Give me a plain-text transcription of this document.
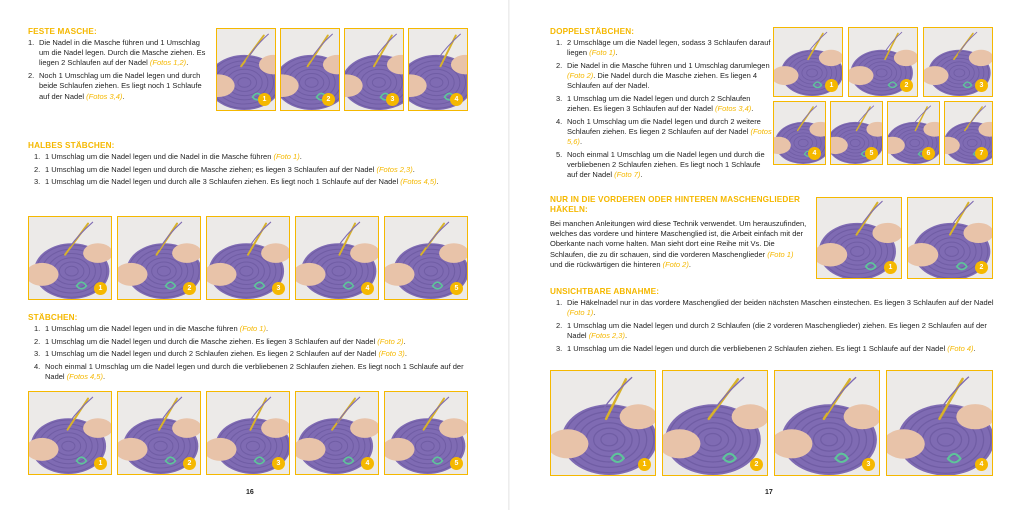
FESTE MASCHE:
1. Die Nadel in die Masche führen und 1 Umschlag um die Nadel legen. Durch die Masche ziehen. Es liegen 2 Schlaufen auf der Nadel (Fotos 1,2).
2. Noch 1 Umschlag um die Nadel legen und durch beide Schlaufen ziehen. Es liegt noch 1 Schlaufe auf der Nadel (Fotos 3,4).	1	2	3	4
HALBES STÄBCHEN:
1. 1 Umschlag um die Nadel legen und die Nadel in die Masche führen (Foto 1).
2. 1 Umschlag um die Nadel legen und durch die Masche ziehen; es liegen 3 Schlaufen auf der Nadel (Fotos 2,3).
3. 1 Umschlag um die Nadel legen und durch alle 3 Schlaufen ziehen. Es liegt noch 1 Schlaufe auf der Nadel (Fotos 4,5).
1	2	3	4	5
STÄBCHEN:
1. 1 Umschlag um die Nadel legen und in die Masche führen (Foto 1).
2. 1 Umschlag um die Nadel legen und durch die Masche ziehen. Es liegen 3 Schlaufen auf der Nadel (Foto 2).
3. 1 Umschlag um die Nadel legen und durch 2 Schlaufen ziehen. Es liegen 2 Schlaufen auf der Nadel (Foto 3).
4. Noch einmal 1 Umschlag um die Nadel legen und durch die verbliebenen 2 Schlaufen ziehen. Es liegt noch 1 Schlaufe auf der Nadel (Fotos 4,5).
1	2	3	4	5
16
DOPPELSTÄBCHEN:
1. 2 Umschläge um die Nadel legen, sodass 3 Schlaufen darauf liegen (Foto 1).
2. Die Nadel in die Masche führen und 1 Umschlag darumlegen (Foto 2). Die Nadel durch die Masche ziehen. Es liegen 4 Schlaufen auf der Nadel.
3. 1 Umschlag um die Nadel legen und durch 2 Schlaufen ziehen. Es liegen 3 Schlaufen auf der Nadel (Fotos 3,4).
4. Noch 1 Umschlag um die Nadel legen und durch 2 weitere Schlaufen ziehen. Es liegen 2 Schlaufen auf der Nadel (Fotos 5,6).
5. Noch einmal 1 Umschlag um die Nadel legen und durch die verbliebenen 2 Schlaufen ziehen. Es liegt noch 1 Schlaufe auf der Nadel (Foto 7).
1	2	3
4	5	6	7
NUR IN DIE VORDEREN ODER HINTEREN MASCHENGLIEDER HÄKELN:

Bei manchen Anleitungen wird diese Technik verwendet. Um herauszufinden, welches das vordere und hintere Maschenglied ist, die Arbeit einfach mit der Oberkante nach vorne halten. Man sieht dort eine Reihe mit Vs. Die Schlaufen, die zu dir schauen, sind die vorderen Maschenglieder (Foto 1) und die rückwärtigen die hinteren (Foto 2).	1	2
UNSICHTBARE ABNAHME:
1. Die Häkelnadel nur in das vordere Maschenglied der beiden nächsten Maschen einstechen. Es liegen 3 Schlaufen auf der Nadel (Foto 1).
2. 1 Umschlag um die Nadel legen und durch 2 Schlaufen (die 2 vorderen Maschenglieder) ziehen. Es liegen 2 Schlaufen auf der Nadel (Fotos 2,3).
3. 1 Umschlag um die Nadel legen und durch die verbliebenen 2 Schlaufen ziehen. Es liegt 1 Schlaufe auf der Nadel (Foto 4).
1	2	3	4
17
